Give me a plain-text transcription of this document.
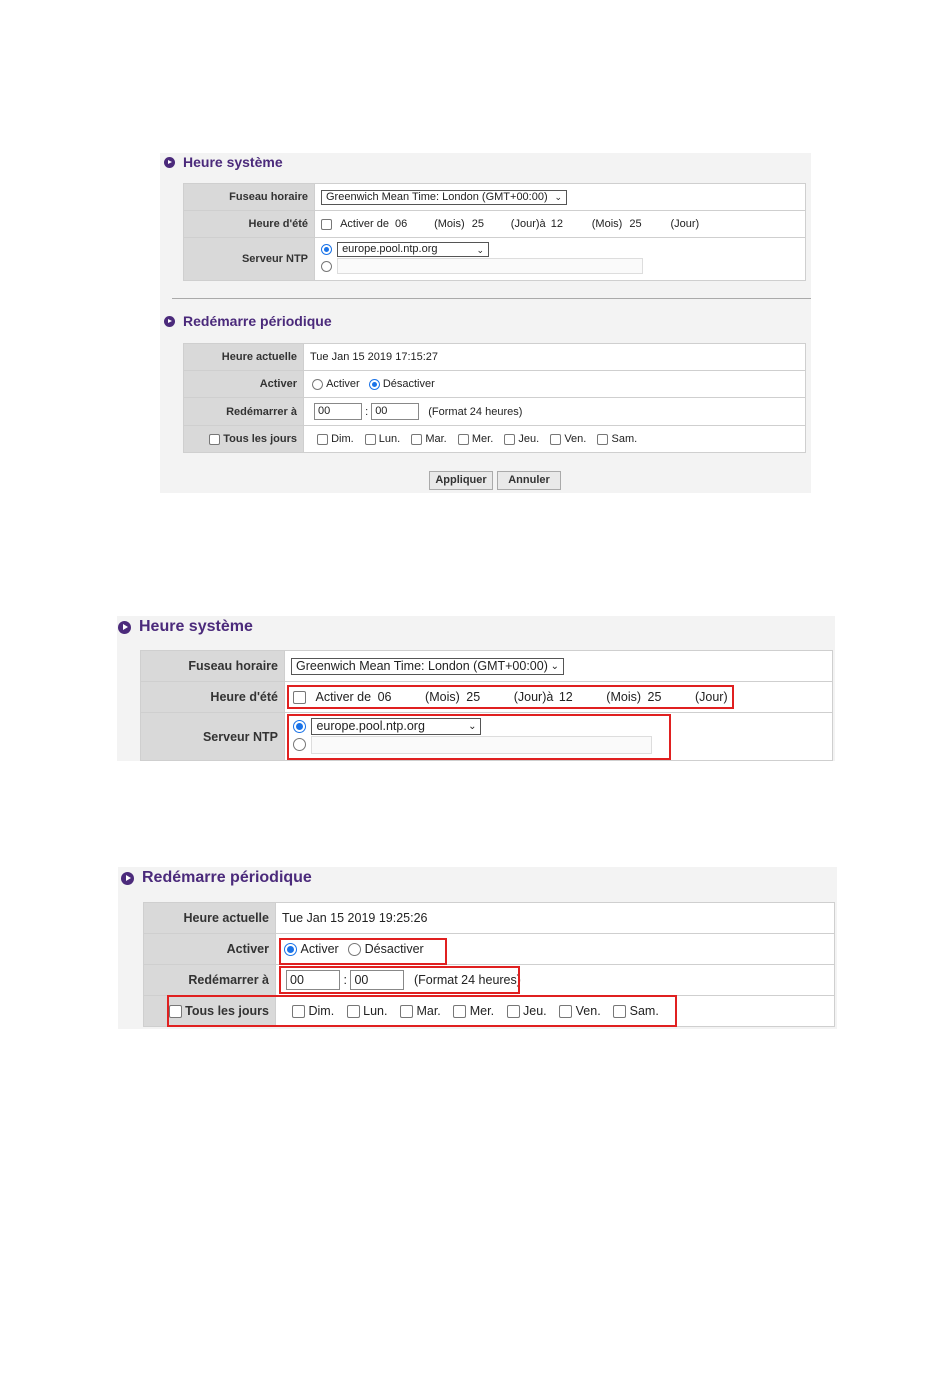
Heure système
Fuseau horaire	Greenwich Mean Time: London (GMT+00:00) ⌄

Heure d'été	Activer de 06 (Mois) 25 (Jour)à 12 (Mois) 25 (Jour)
Serveur NTP	europe.pool.ntp.org ⌄

Redémarre périodique
Heure actuelle	Tue Jan 15 2019 17:15:27
Activer	Activer Désactiver
Redémarrer à	00 : 00 (Format 24 heures)
Tous les jours	Dim. Lun. Mar. Mer. Jeu. Ven. Sam.
Appliquer	Annuler
Heure système
Fuseau horaire	Greenwich Mean Time: London (GMT+00:00) ⌄

Heure d'été	Activer de 06 (Mois) 25 (Jour)à 12 (Mois) 25 (Jour)
Serveur NTP	europe.pool.ntp.org ⌄

Redémarre périodique
Heure actuelle	Tue Jan 15 2019 19:25:26
Activer	Activer Désactiver
Redémarrer à	00 : 00 (Format 24 heures)
Tous les jours	Dim. Lun. Mar. Mer. Jeu. Ven. Sam.
